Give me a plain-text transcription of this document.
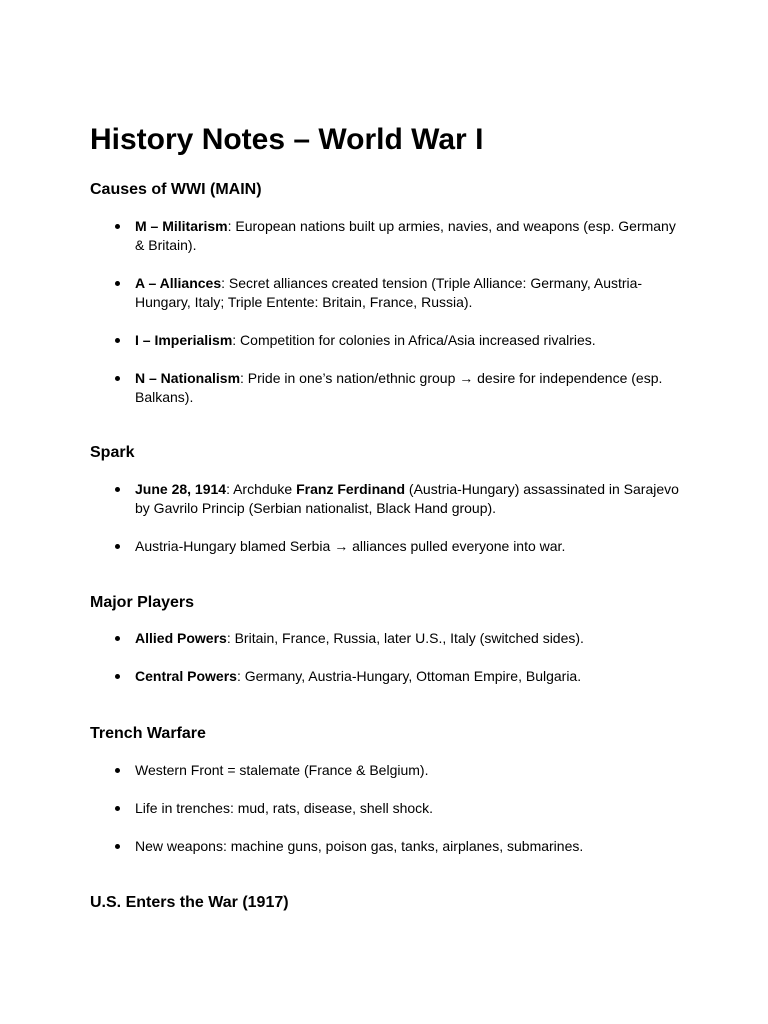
History Notes – World War I
Causes of WWI (MAIN)
M – Militarism: European nations built up armies, navies, and weapons (esp. Germany & Britain).
A – Alliances: Secret alliances created tension (Triple Alliance: Germany, Austria-Hungary, Italy; Triple Entente: Britain, France, Russia).
I – Imperialism: Competition for colonies in Africa/Asia increased rivalries.
N – Nationalism: Pride in one’s nation/ethnic group → desire for independence (esp. Balkans).
Spark
June 28, 1914: Archduke Franz Ferdinand (Austria-Hungary) assassinated in Sarajevo by Gavrilo Princip (Serbian nationalist, Black Hand group).
Austria-Hungary blamed Serbia → alliances pulled everyone into war.
Major Players
Allied Powers: Britain, France, Russia, later U.S., Italy (switched sides).
Central Powers: Germany, Austria-Hungary, Ottoman Empire, Bulgaria.
Trench Warfare
Western Front = stalemate (France & Belgium).
Life in trenches: mud, rats, disease, shell shock.
New weapons: machine guns, poison gas, tanks, airplanes, submarines.
U.S. Enters the War (1917)
